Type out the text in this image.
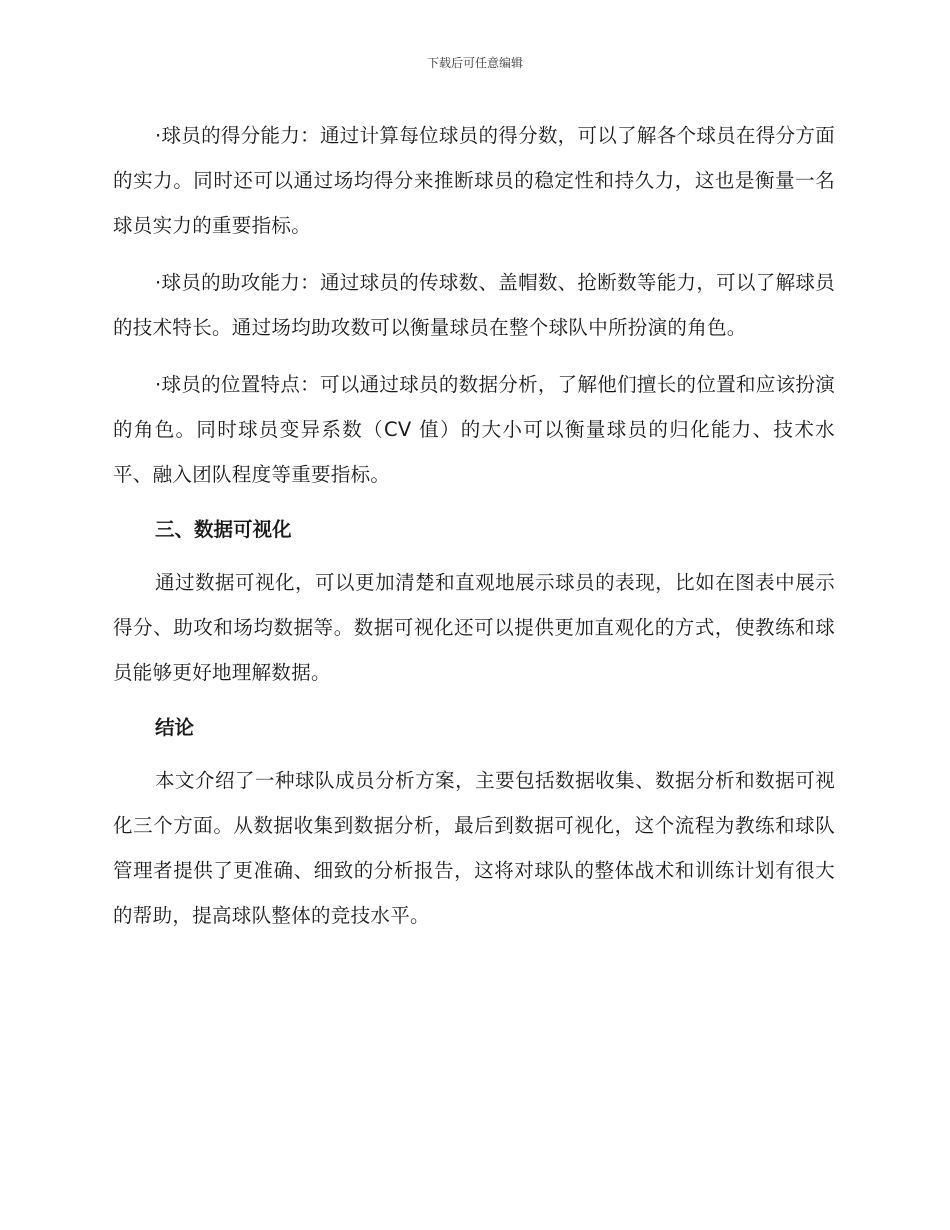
下载后可任意编辑

·球员的得分能力：通过计算每位球员的得分数，可以了解各个球员在得分方面的实力。同时还可以通过场均得分来推断球员的稳定性和持久力，这也是衡量一名球员实力的重要指标。

·球员的助攻能力：通过球员的传球数、盖帽数、抢断数等能力，可以了解球员的技术特长。通过场均助攻数可以衡量球员在整个球队中所扮演的角色。

·球员的位置特点：可以通过球员的数据分析，了解他们擅长的位置和应该扮演的角色。同时球员变异系数（CV 值）的大小可以衡量球员的归化能力、技术水平、融入团队程度等重要指标。

三、数据可视化

通过数据可视化，可以更加清楚和直观地展示球员的表现，比如在图表中展示得分、助攻和场均数据等。数据可视化还可以提供更加直观化的方式，使教练和球员能够更好地理解数据。

结论

本文介绍了一种球队成员分析方案，主要包括数据收集、数据分析和数据可视化三个方面。从数据收集到数据分析，最后到数据可视化，这个流程为教练和球队管理者提供了更准确、细致的分析报告，这将对球队的整体战术和训练计划有很大的帮助，提高球队整体的竞技水平。
